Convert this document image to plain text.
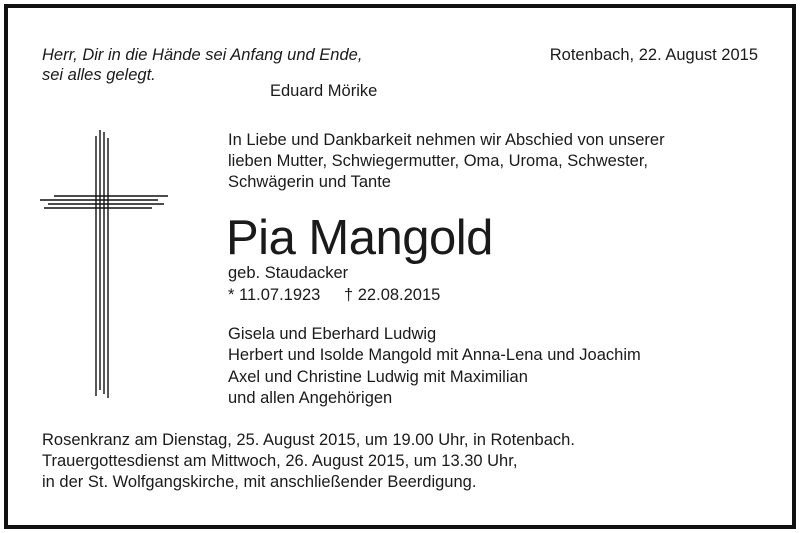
Herr, Dir in die Hände sei Anfang und Ende,
sei alles gelegt.
Eduard Mörike
Rotenbach, 22. August 2015
In Liebe und Dankbarkeit nehmen wir Abschied von unserer
lieben Mutter, Schwiegermutter, Oma, Uroma, Schwester,
Schwägerin und Tante
Pia Mangold
geb. Staudacker
* 11.07.1923 † 22.08.2015
Gisela und Eberhard Ludwig
Herbert und Isolde Mangold mit Anna-Lena und Joachim
Axel und Christine Ludwig mit Maximilian
und allen Angehörigen
Rosenkranz am Dienstag, 25. August 2015, um 19.00 Uhr, in Rotenbach.
Trauergottesdienst am Mittwoch, 26. August 2015, um 13.30 Uhr,
in der St. Wolfgangskirche, mit anschließender Beerdigung.
